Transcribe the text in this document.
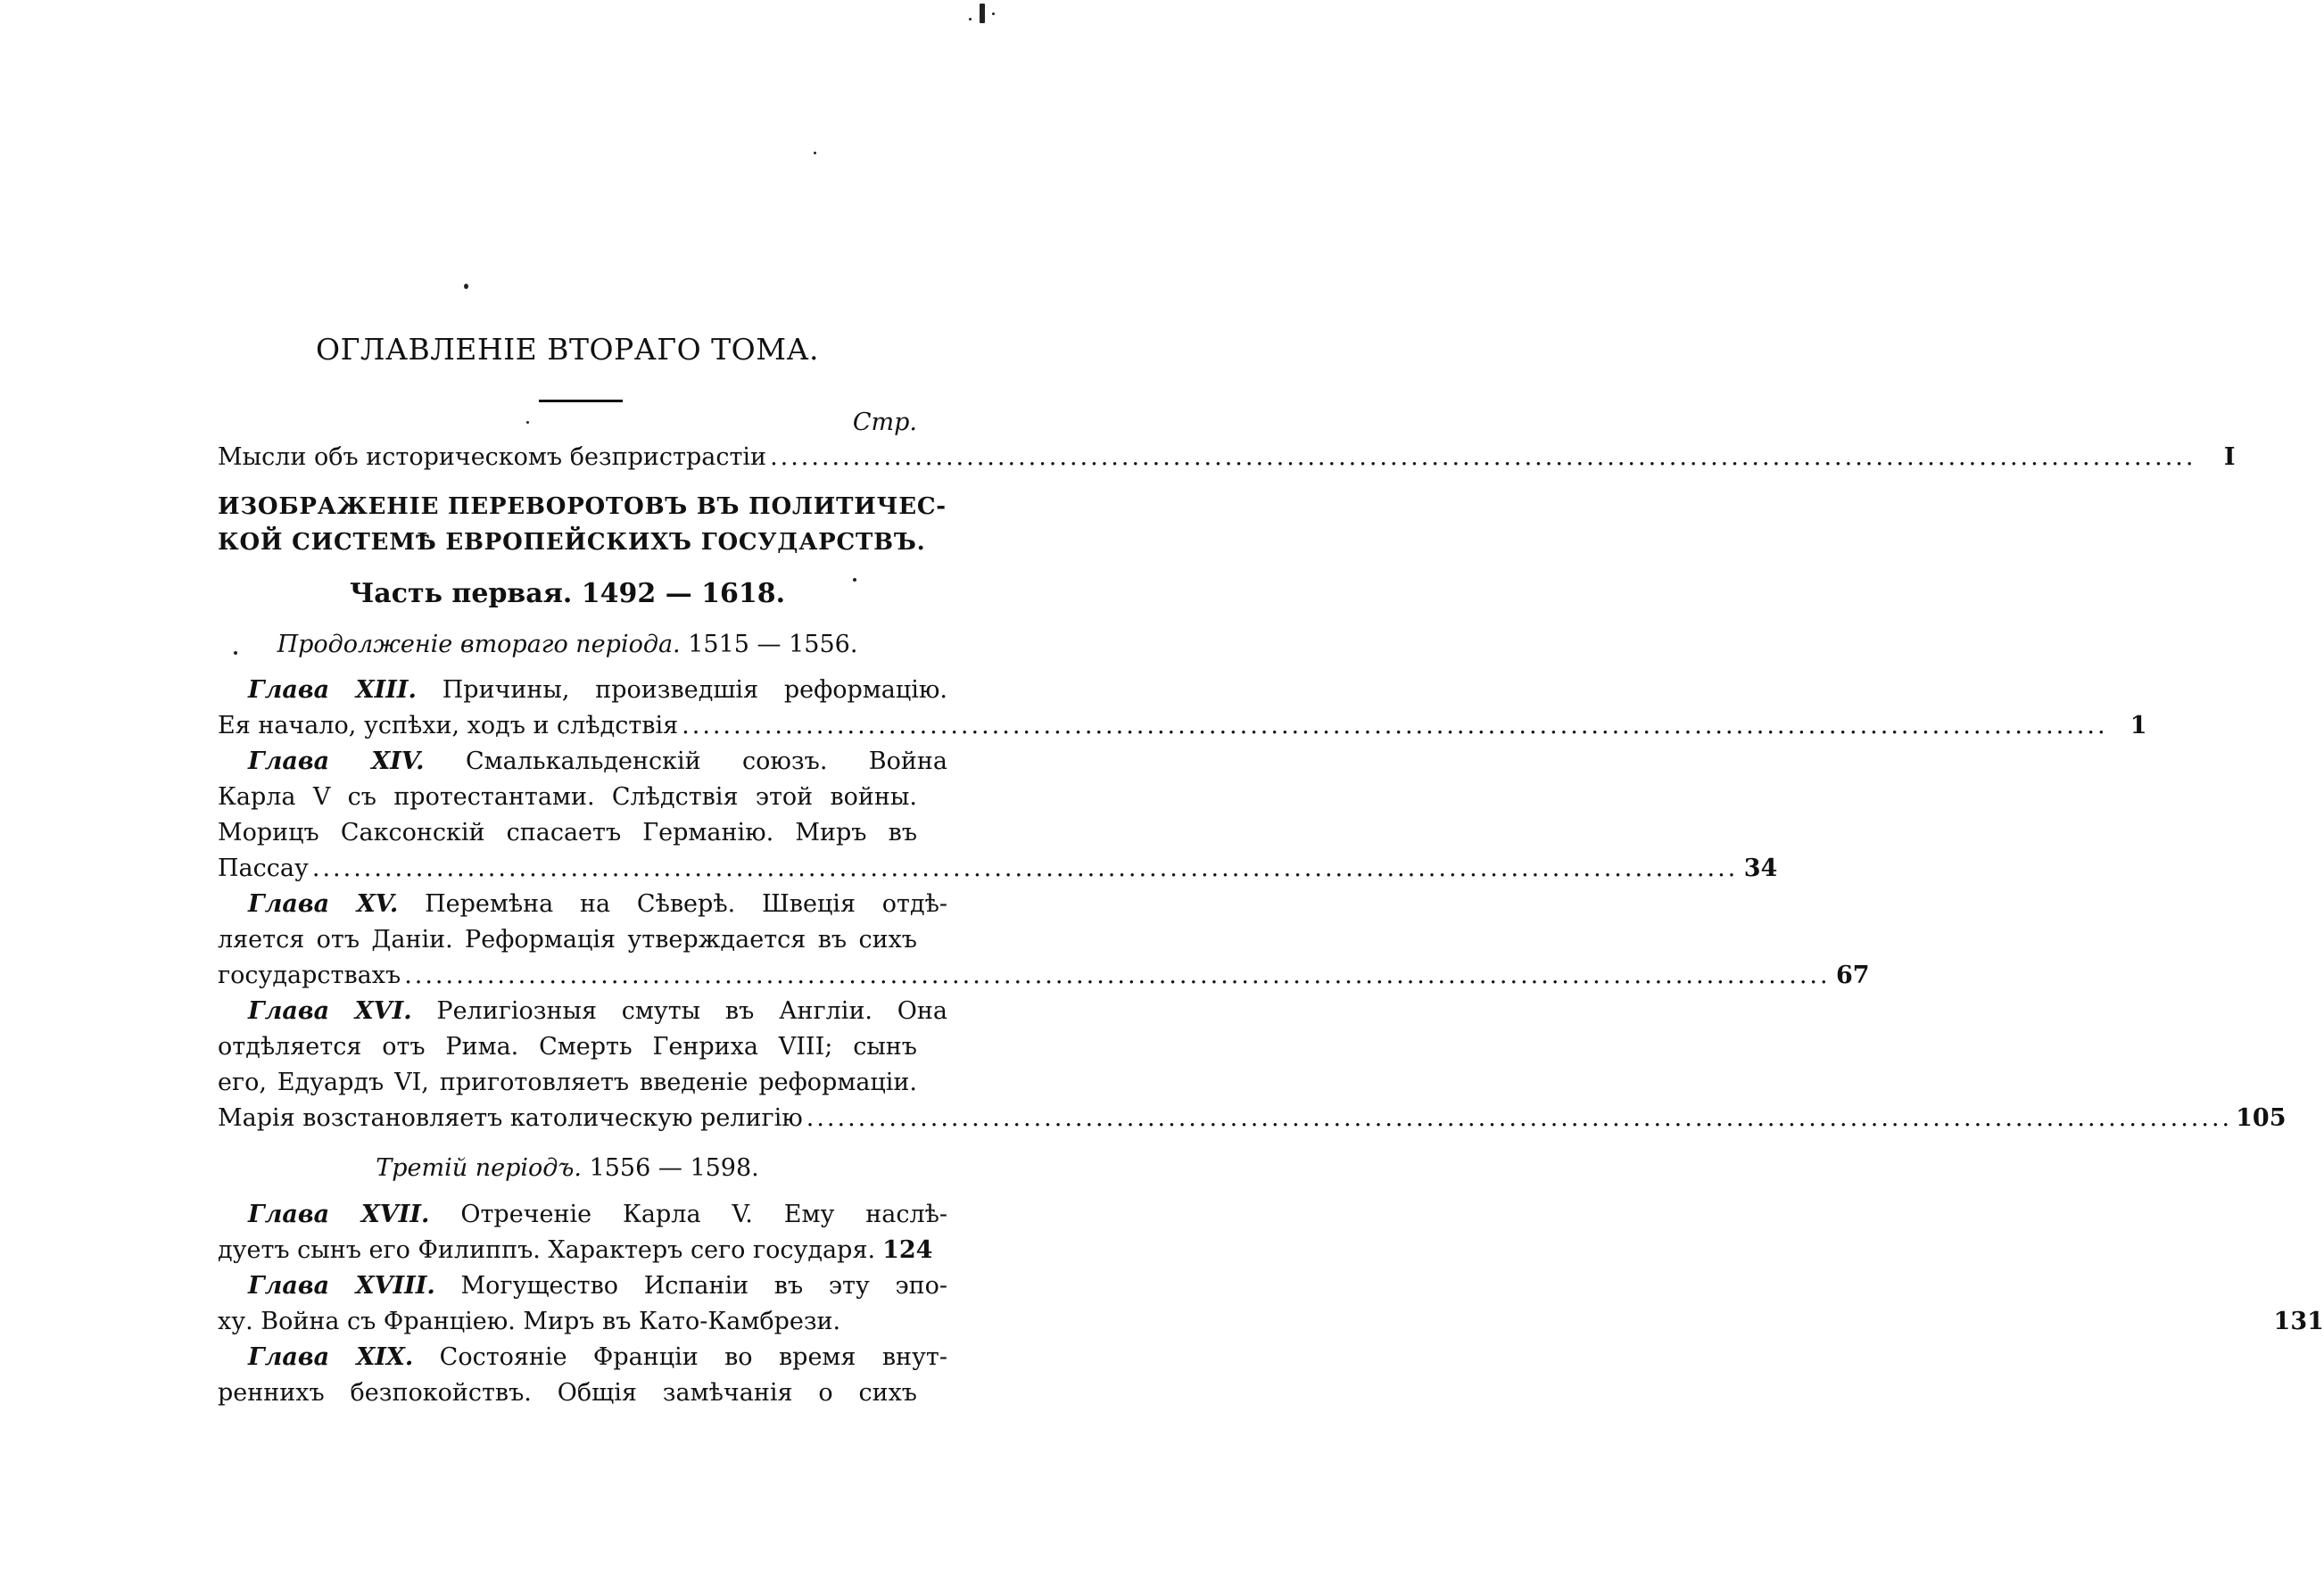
ОГЛАВЛЕНІЕ ВТОРАГО ТОМА.
Стр.
Мысли объ историческомъ безпристрастіи .....	I
ИЗОБРАЖЕНІЕ ПЕРЕВОРОТОВЪ ВЪ ПОЛИТИЧЕС-
КОЙ СИСТЕМѢ ЕВРОПЕЙСКИХЪ ГОСУДАРСТВЪ.
Часть первая. 1492 — 1618.
Продолженіе втораго періода. 1515 — 1556.
Глава XIII. Причины, произведшія реформацію.
Ея начало, успѣхи, ходъ и слѣдствія .....	1
Глава XIV. Смалькальденскій союзъ. Война
Карла V съ протестантами. Слѣдствія этой войны.
Морицъ Саксонскій спасаетъ Германію. Миръ въ
Пассау .....	34
Глава XV. Перемѣна на Сѣверѣ. Швеція отдѣ-
ляется отъ Даніи. Реформація утверждается въ сихъ
государствахъ .....	67
Глава XVI. Религіозныя смуты въ Англіи. Она
отдѣляется отъ Рима. Смерть Генриха VIII; сынъ
его, Едуардъ VI, приготовляетъ введеніе реформаціи.
Марія возстановляетъ католическую религію .....	105
Третій періодъ. 1556 — 1598.
Глава XVII. Отреченіе Карла V. Ему наслѣ-
дуетъ сынъ его Филиппъ. Характеръ сего государя. 124
Глава XVIII. Могущество Испаніи въ эту эпо-
ху. Война съ Франціею. Миръ въ Като-Камбрези.	131
Глава XIX. Состояніе Франціи во время внут-
реннихъ безпокойствъ. Общія замѣчанія о сихъ
